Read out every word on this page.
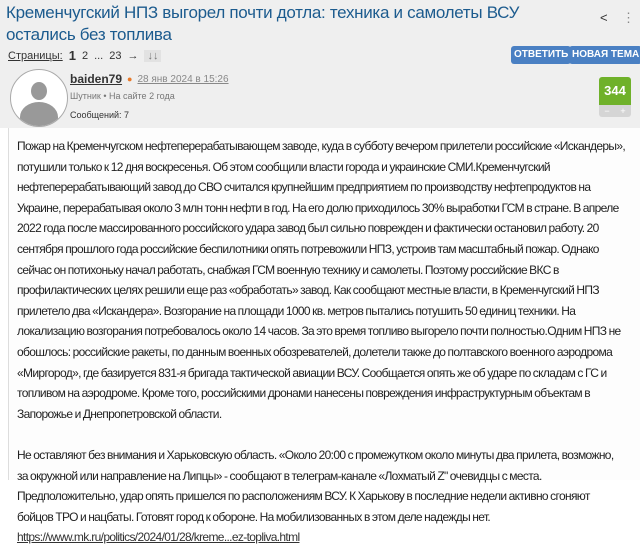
Кременчугский НПЗ выгорел почти дотла: техника и самолеты ВСУ остались без топлива
< ⋮
Страницы: 1 2 ... 23 → ↓↓	ОТВЕТИТЬ НОВАЯ ТЕМА
baiden79 ● 28 янв 2024 в 15:26
Шутник • На сайте 2 года
Сообщений: 7
344
− +
Пожар на Кременчугском нефтеперерабатывающем заводе, куда в субботу вечером прилетели российские «Искандеры»,
потушили только к 12 дня воскресенья. Об этом сообщили власти города и украинские СМИ.Кременчугский
нефтеперерабатывающий завод до СВО считался крупнейшим предприятием по производству нефтепродуктов на
Украине, перерабатывая около 3 млн тонн нефти в год. На его долю приходилось 30% выработки ГСМ в стране. В апреле
2022 года после массированного российского удара завод был сильно поврежден и фактически остановил работу. 20
сентября прошлого года российские беспилотники опять потревожили НПЗ, устроив там масштабный пожар. Однако
сейчас он потихоньку начал работать, снабжая ГСМ военную технику и самолеты. Поэтому российские ВКС в
профилактических целях решили еще раз «обработать» завод. Как сообщают местные власти, в Кременчугский НПЗ
прилетело два «Искандера». Возгорание на площади 1000 кв. метров пытались потушить 50 единиц техники. На
локализацию возгорания потребовалось около 14 часов. За это время топливо выгорело почти полностью.Одним НПЗ не
обошлось: российские ракеты, по данным военных обозревателей, долетели также до полтавского военного аэродрома
«Миргород», где базируется 831-я бригада тактической авиации ВСУ. Сообщается опять же об ударе по складам с ГС и
топливом на аэродроме. Кроме того, российскими дронами нанесены повреждения инфраструктурным объектам в
Запорожье и Днепропетровской области.
Не оставляют без внимания и Харьковскую область. «Около 20:00 с промежутком около минуты два прилета, возможно,
за окружной или направление на Липцы» - сообщают в телеграм-канале «Лохматый Z" очевидцы с места.
Предположительно, удар опять пришелся по расположениям ВСУ. К Харькову в последние недели активно сгоняют
бойцов ТРО и нацбаты. Готовят город к обороне. На мобилизованных в этом деле надежды нет.
https://www.mk.ru/politics/2024/01/28/kreme...ez-topliva.html
